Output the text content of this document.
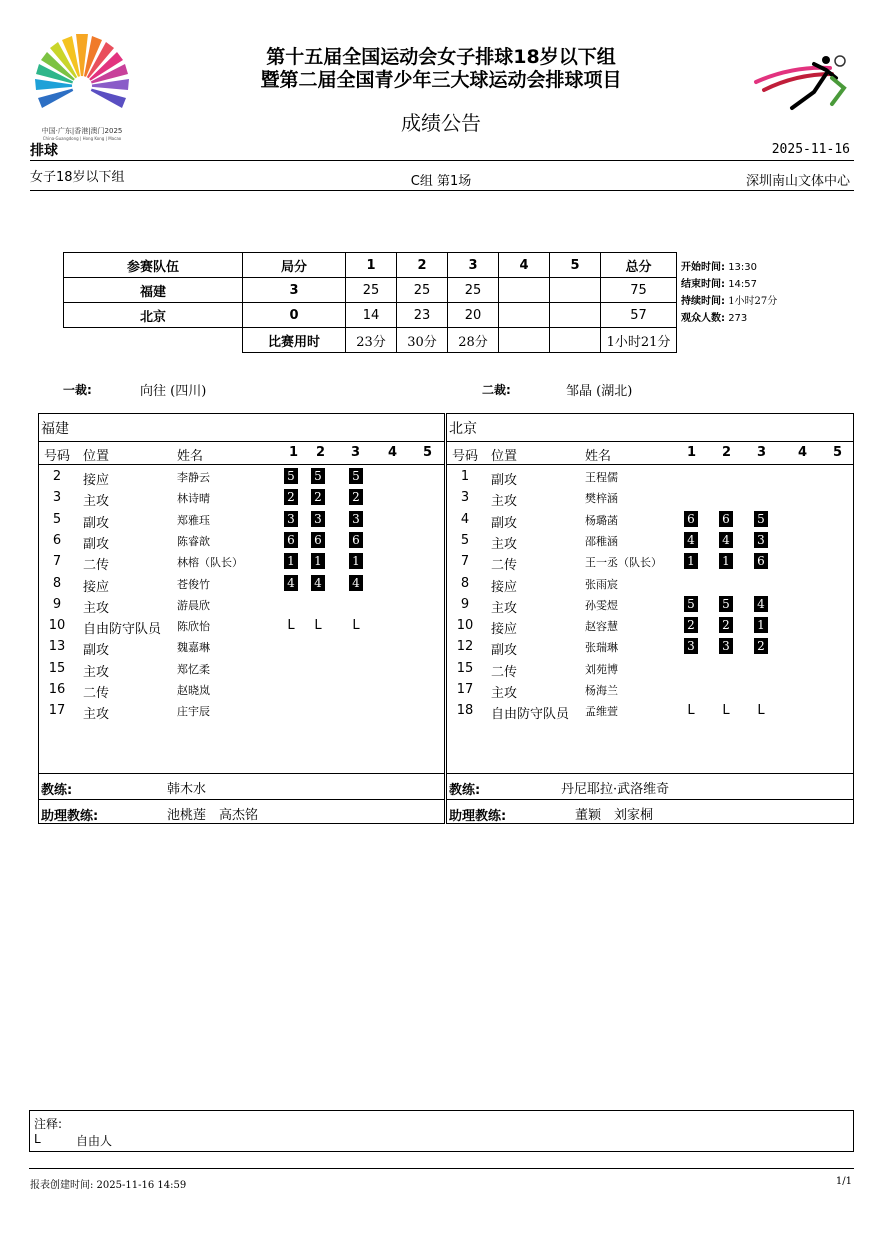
中国·广东|香港|澳门2025
China·Guangdong | Hong Kong | Macao
第十五届全国运动会女子排球18岁以下组
暨第二届全国青少年三大球运动会排球项目
成绩公告
排球	2025-11-16
女子18岁以下组	C组 第1场	深圳南山文体中心
参赛队伍	局分	1	2	3	4	5	总分
福建	3	25	25	25			75
北京	0	14	23	20			57
	比赛用时	23分	30分	28分			1小时21分
开始时间: 13:30
结束时间: 14:57
持续时间: 1小时27分
观众人数: 273
一裁:	向往 (四川)	二裁:	邹晶 (湖北)
福建
号码	位置	姓名	1 2 3 4 5
2	接应	李静云	5 5	5
3	主攻	林诗晴	2 2	2
5	副攻	郑雅珏	3 3	3
6	副攻	陈睿歆	6 6	6
7	二传	林榕（队长）	1 1	1
8	接应	苍俊竹	4 4	4
9	主攻	游晨欣
10	自由防守队员 陈欣怡	L L L
13	副攻	魏嘉琳
15	主攻	郑忆柔
16	二传	赵晓岚
17	主攻	庄宇辰
教练:	韩木水
助理教练:	池桃莲　高杰铭
北京
号码	位置	姓名	1 2 3 4 5
1	副攻	王程儒
3	主攻	樊梓涵
4	副攻	杨璐菡	6 6 5
5	主攻	邵稚涵	4 4 3
7	二传	王一丞（队长） 1 1 6
8	接应	张雨宸
9	主攻	孙雯煜	5 5 4
10	接应	赵容慧	2 2 1
12	副攻	张瑞琳	3 3 2
15	二传	刘苑博
17	主攻	杨海兰
18	自由防守队员 孟维萱	L L L
教练:	丹尼耶拉·武洛维奇
助理教练:	董颖　刘家桐
注释:
L	自由人
报表创建时间: 2025-11-16 14:59	1/1
